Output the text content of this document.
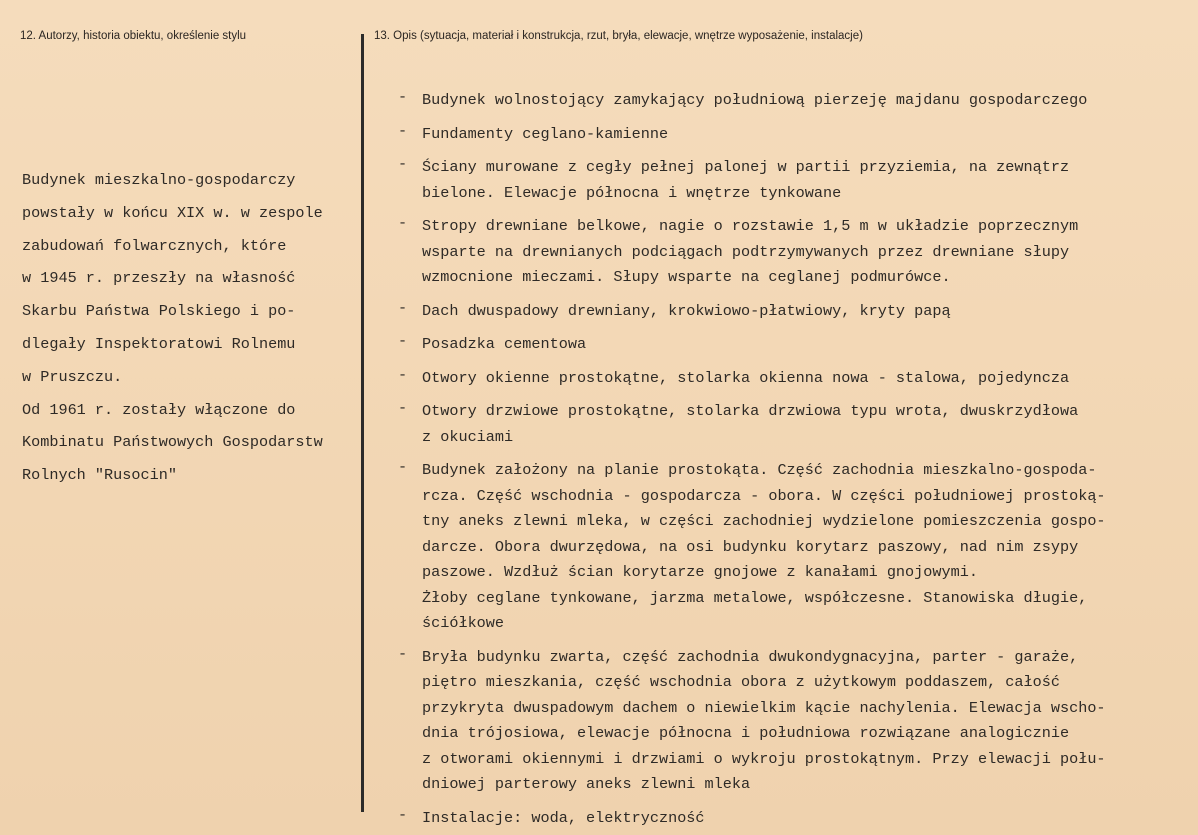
12. Autorzy, historia obiektu, określenie stylu	13. Opis (sytuacja, materiał i konstrukcja, rzut, bryła, elewacje, wnętrze wyposażenie, instalacje)
Budynek mieszkalno-gospodarczy
powstały w końcu XIX w. w zespole
zabudowań folwarcznych, które
w 1945 r. przeszły na własność
Skarbu Państwa Polskiego i po-
dlegały Inspektoratowi Rolnemu
w Pruszczu.
Od 1961 r. zostały włączone do
Kombinatu Państwowych Gospodarstw
Rolnych "Rusocin"
- Budynek wolnostojący zamykający południową pierzeję majdanu gospodarczego
- Fundamenty ceglano-kamienne
- Ściany murowane z cegły pełnej palonej w partii przyziemia, na zewnątrz
bielone. Elewacje północna i wnętrze tynkowane
- Stropy drewniane belkowe, nagie o rozstawie 1,5 m w układzie poprzecznym
wsparte na drewnianych podciągach podtrzymywanych przez drewniane słupy
wzmocnione mieczami. Słupy wsparte na ceglanej podmurówce.
- Dach dwuspadowy drewniany, krokwiowo-płatwiowy, kryty papą
- Posadzka cementowa
- Otwory okienne prostokątne, stolarka okienna nowa - stalowa, pojedyncza
- Otwory drzwiowe prostokątne, stolarka drzwiowa typu wrota, dwuskrzydłowa
z okuciami
- Budynek założony na planie prostokąta. Część zachodnia mieszkalno-gospoda-
rcza. Część wschodnia - gospodarcza - obora. W części południowej prostoką-
tny aneks zlewni mleka, w części zachodniej wydzielone pomieszczenia gospo-
darcze. Obora dwurzędowa, na osi budynku korytarz paszowy, nad nim zsypy
paszowe. Wzdłuż ścian korytarze gnojowe z kanałami gnojowymi.
Żłoby ceglane tynkowane, jarzma metalowe, współczesne. Stanowiska długie,
ściółkowe
- Bryła budynku zwarta, część zachodnia dwukondygnacyjna, parter - garaże,
piętro mieszkania, część wschodnia obora z użytkowym poddaszem, całość
przykryta dwuspadowym dachem o niewielkim kącie nachylenia. Elewacja wscho-
dnia trójosiowa, elewacje północna i południowa rozwiązane analogicznie
z otworami okiennymi i drzwiami o wykroju prostokątnym. Przy elewacji połu-
dniowej parterowy aneks zlewni mleka
- Instalacje: woda, elektryczność
